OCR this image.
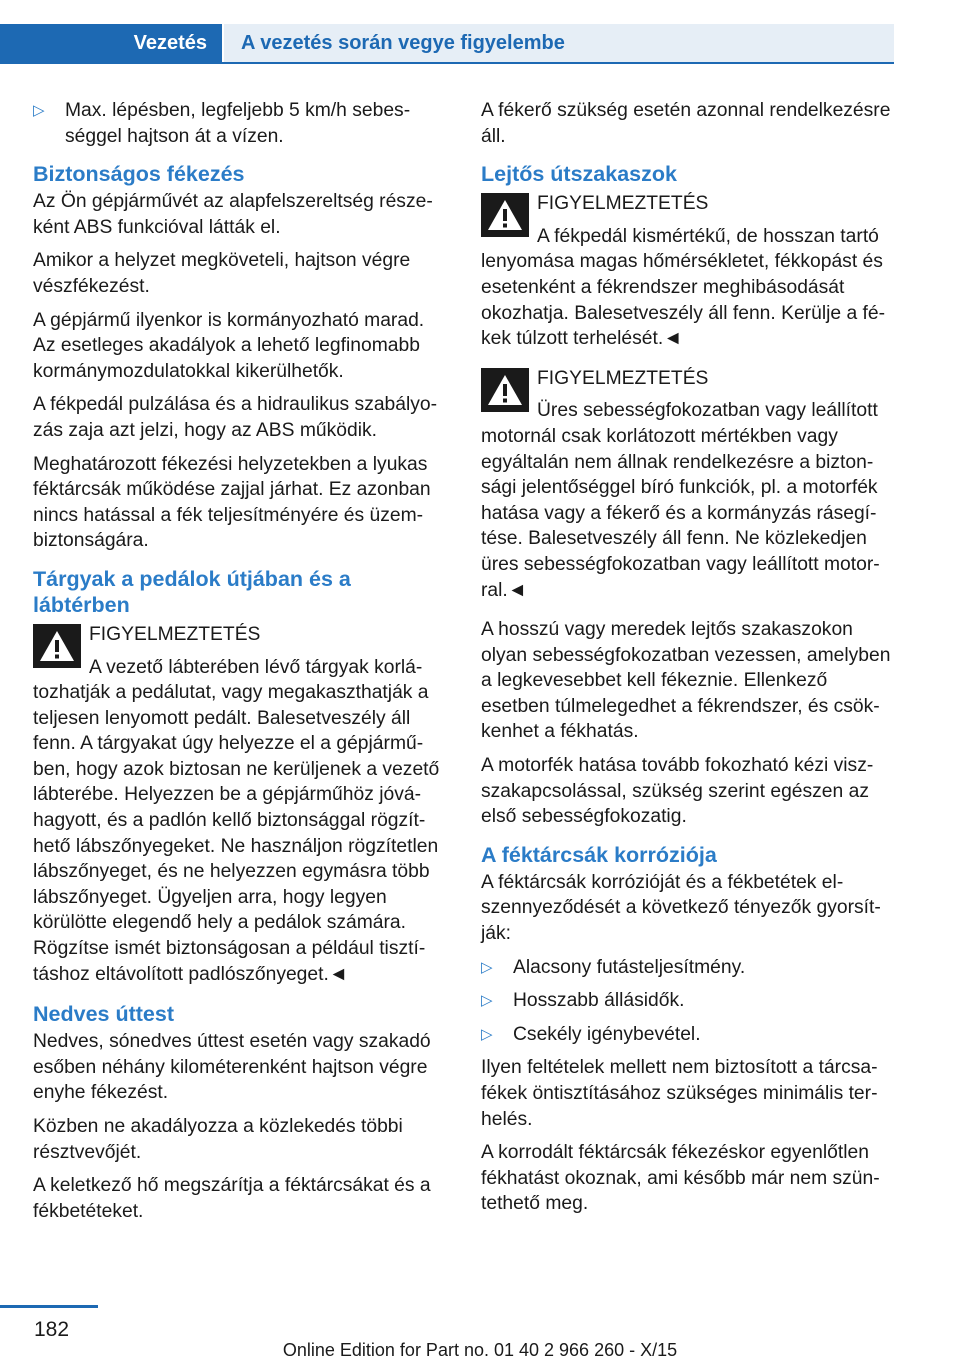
Vezetés	A vezetés során vegye figyelembe
▷	Max. lépésben, legfeljebb 5 km/h sebességgel hajtson át a vízen.
Biztonságos fékezés

Az Ön gépjárművét az alapfelszereltség részeként ABS funkcióval látták el.

Amikor a helyzet megköveteli, hajtson végre vészfékezést.

A gépjármű ilyenkor is kormányozható marad. Az esetleges akadályok a lehető legfinomabb kormánymozdulatokkal kikerülhetők.

A fékpedál pulzálása és a hidraulikus szabályozás zaja azt jelzi, hogy az ABS működik.

Meghatározott fékezési helyzetekben a lyukas féktárcsák működése zajjal járhat. Ez azonban nincs hatással a fék teljesítményére és üzembiztonságára.

Tárgyak a pedálok útjában és a lábtérben
FIGYELMEZTETÉS
A vezető lábterében lévő tárgyak korlátozhatják a pedálutat, vagy megakaszthatják a teljesen lenyomott pedált. Balesetveszély áll fenn. A tárgyakat úgy helyezze el a gépjárműben, hogy azok biztosan ne kerüljenek a vezető lábterébe. Helyezzen be a gépjárműhöz jóváhagyott, és a padlón kellő biztonsággal rögzíthető lábszőnyegeket. Ne használjon rögzítetlen lábszőnyeget, és ne helyezzen egymásra több lábszőnyeget. Ügyeljen arra, hogy legyen körülötte elegendő hely a pedálok számára. Rögzítse ismét biztonságosan a például tisztításhoz eltávolított padlószőnyeget.◄
Nedves úttest

Nedves, sónedves úttest esetén vagy szakadó esőben néhány kilométerenként hajtson végre enyhe fékezést.

Közben ne akadályozza a közlekedés többi résztvevőjét.

A keletkező hő megszárítja a féktárcsákat és a fékbetéteket.

A fékerő szükség esetén azonnal rendelkezésre áll.

Lejtős útszakaszok
FIGYELMEZTETÉS
A fékpedál kismértékű, de hosszan tartó lenyomása magas hőmérsékletet, fékkopást és esetenként a fékrendszer meghibásodását okozhatja. Balesetveszély áll fenn. Kerülje a fékek túlzott terhelését.◄
FIGYELMEZTETÉS
Üres sebességfokozatban vagy leállított motornál csak korlátozott mértékben vagy egyáltalán nem állnak rendelkezésre a biztonsági jelentőséggel bíró funkciók, pl. a motorfék hatása vagy a fékerő és a kormányzás rásegítése. Balesetveszély áll fenn. Ne közlekedjen üres sebességfokozatban vagy leállított motorral.◄

A hosszú vagy meredek lejtős szakaszokon olyan sebességfokozatban vezessen, amelyben a legkevesebbet kell fékeznie. Ellenkező esetben túlmelegedhet a fékrendszer, és csökkenhet a fékhatás.

A motorfék hatása tovább fokozható kézi viszszakapcsolással, szükség szerint egészen az első sebességfokozatig.

A féktárcsák korróziója

A féktárcsák korrózióját és a fékbetétek elszennyeződését a következő tényezők gyorsítják:

▷	Alacsony futásteljesítmény.
▷	Hosszabb állásidők.
▷	Csekély igénybevétel.

Ilyen feltételek mellett nem biztosított a tárcsafékek öntisztításához szükséges minimális terhelés.

A korrodált féktárcsák fékezéskor egyenlőtlen fékhatást okoznak, ami később már nem szüntethető meg.

182
Online Edition for Part no. 01 40 2 966 260 - X/15
